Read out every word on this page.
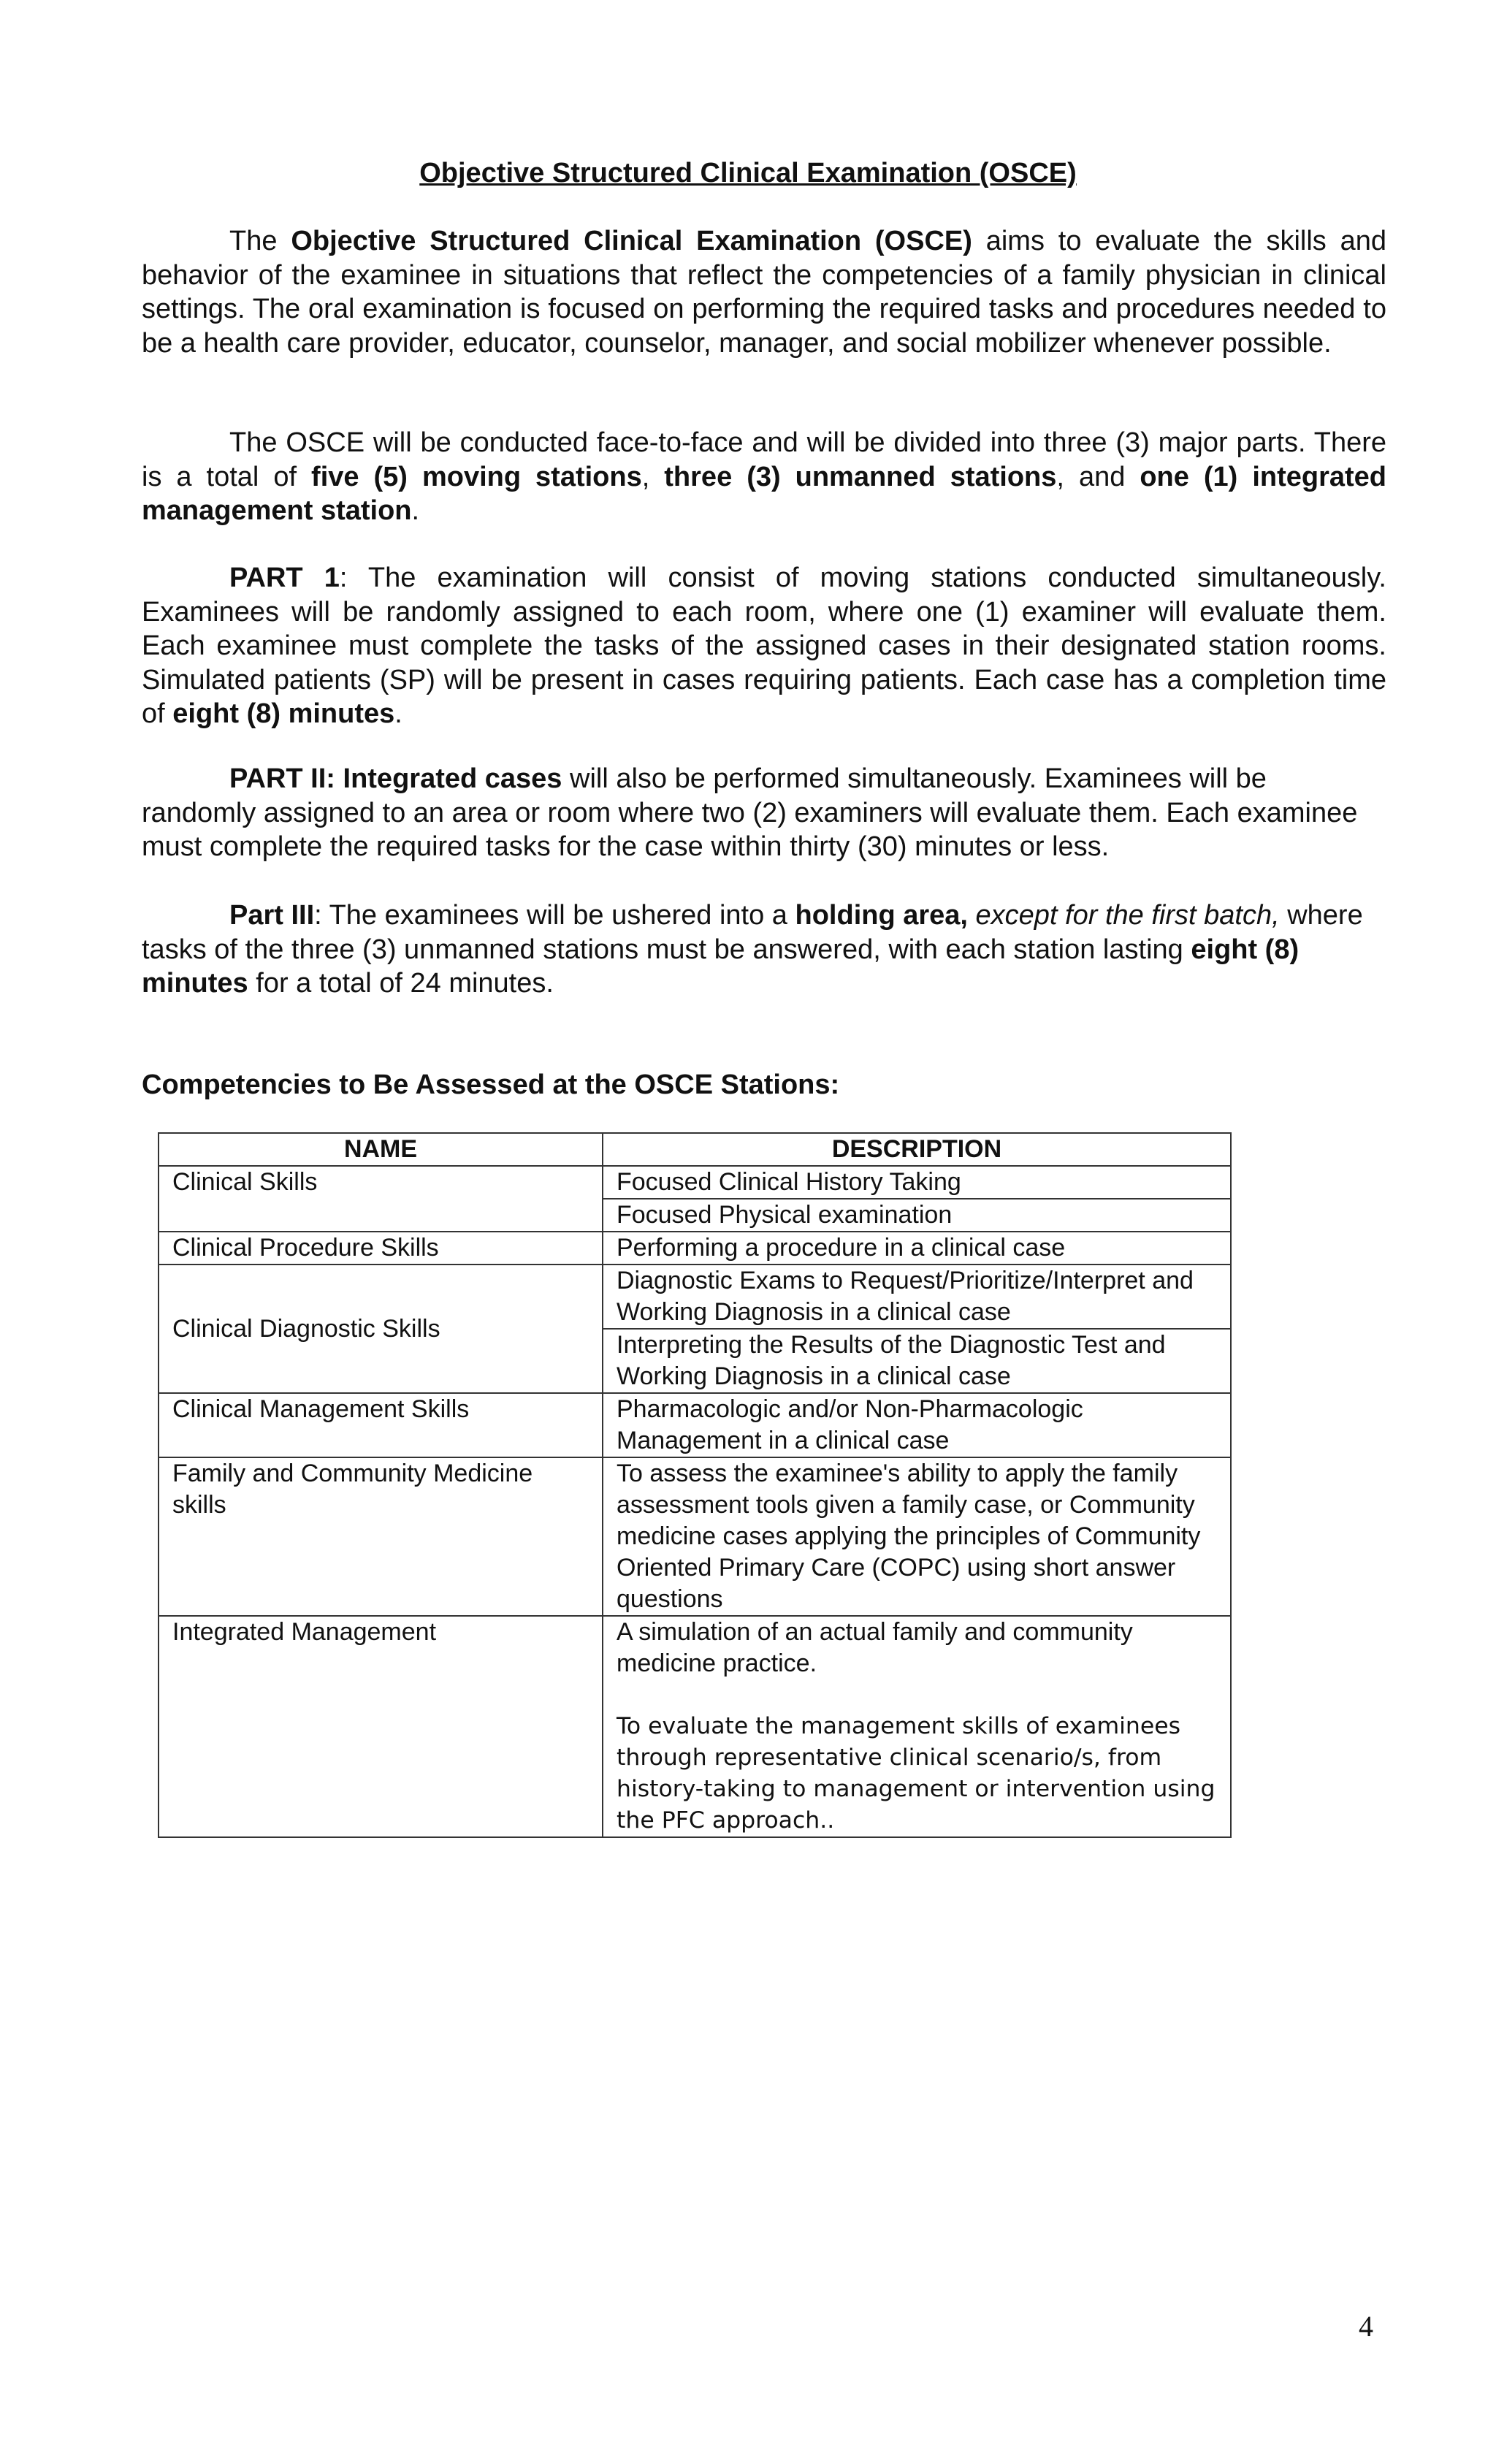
Objective Structured Clinical Examination (OSCE)

The Objective Structured Clinical Examination (OSCE) aims to evaluate the skills and behavior of the examinee in situations that reflect the competencies of a family physician in clinical settings. The oral examination is focused on performing the required tasks and procedures needed to be a health care provider, educator, counselor, manager, and social mobilizer whenever possible.

The OSCE will be conducted face-to-face and will be divided into three (3) major parts. There is a total of five (5) moving stations, three (3) unmanned stations, and one (1) integrated management station.

PART 1: The examination will consist of moving stations conducted simultaneously. Examinees will be randomly assigned to each room, where one (1) examiner will evaluate them. Each examinee must complete the tasks of the assigned cases in their designated station rooms. Simulated patients (SP) will be present in cases requiring patients. Each case has a completion time of eight (8) minutes.

PART II: Integrated cases will also be performed simultaneously. Examinees will be randomly assigned to an area or room where two (2) examiners will evaluate them. Each examinee must complete the required tasks for the case within thirty (30) minutes or less.

Part III: The examinees will be ushered into a holding area, except for the first batch, where tasks of the three (3) unmanned stations must be answered, with each station lasting eight (8) minutes for a total of 24 minutes.

Competencies to Be Assessed at the OSCE Stations:

NAME	DESCRIPTION
Clinical Skills	Focused Clinical History Taking
	Focused Physical examination
Clinical Procedure Skills	Performing a procedure in a clinical case
Clinical Diagnostic Skills	Diagnostic Exams to Request/Prioritize/Interpret and Working Diagnosis in a clinical case
	Interpreting the Results of the Diagnostic Test and Working Diagnosis in a clinical case
Clinical Management Skills	Pharmacologic and/or Non-Pharmacologic Management in a clinical case
Family and Community Medicine skills	To assess the examinee's ability to apply the family assessment tools given a family case, or Community medicine cases applying the principles of Community Oriented Primary Care (COPC) using short answer questions
Integrated Management	A simulation of an actual family and community medicine practice.
To evaluate the management skills of examinees through representative clinical scenario/s, from history-taking to management or intervention using the PFC approach..
4
